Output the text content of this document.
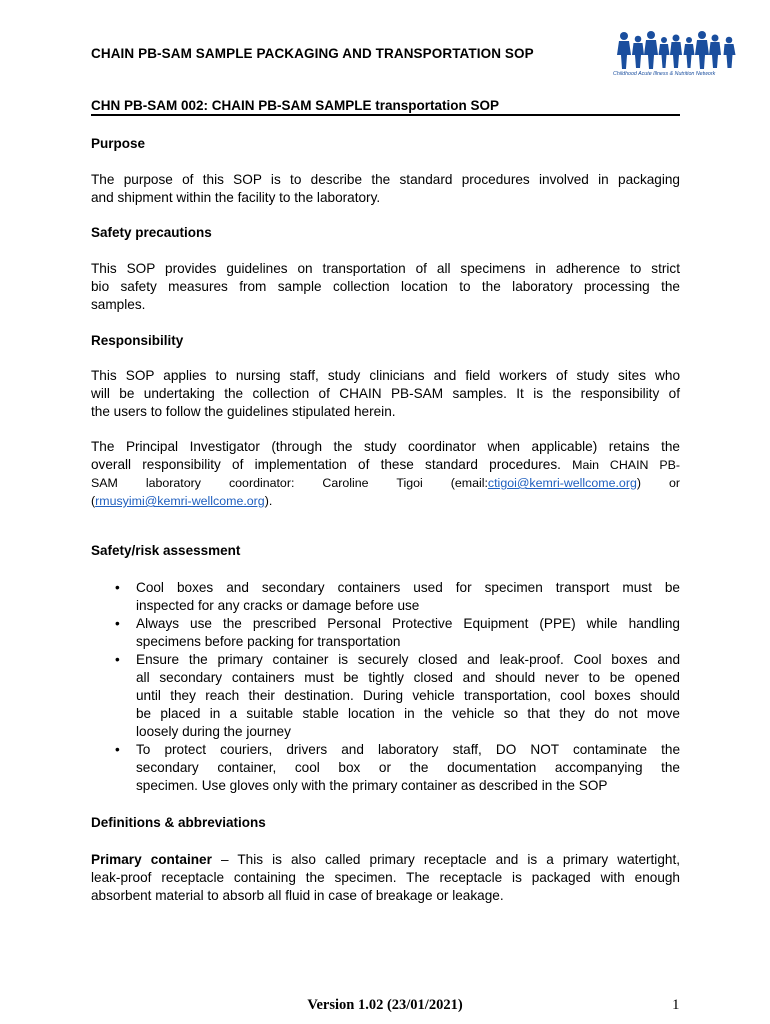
CHAIN PB-SAM SAMPLE PACKAGING AND TRANSPORTATION SOP
Childhood Acute Illness & Nutrition Network
CHN PB-SAM 002: CHAIN PB-SAM SAMPLE transportation SOP
Purpose
The purpose of this SOP is to describe the standard procedures involved in packaging
and shipment within the facility to the laboratory.
Safety precautions
This SOP provides guidelines on transportation of all specimens in adherence to strict
bio safety measures from sample collection location to the laboratory processing the
samples.
Responsibility
This SOP applies to nursing staff, study clinicians and field workers of study sites who
will be undertaking the collection of CHAIN PB-SAM samples. It is the responsibility of
the users to follow the guidelines stipulated herein.
The Principal Investigator (through the study coordinator when applicable) retains the
overall responsibility of implementation of these standard procedures. Main CHAIN PB-
SAM laboratory coordinator: Caroline Tigoi (email:ctigoi@kemri-wellcome.org) or
(rmusyimi@kemri-wellcome.org).
Safety/risk assessment
• Cool boxes and secondary containers used for specimen transport must be
inspected for any cracks or damage before use
• Always use the prescribed Personal Protective Equipment (PPE) while handling
specimens before packing for transportation
• Ensure the primary container is securely closed and leak-proof. Cool boxes and
all secondary containers must be tightly closed and should never to be opened
until they reach their destination. During vehicle transportation, cool boxes should
be placed in a suitable stable location in the vehicle so that they do not move
loosely during the journey
• To protect couriers, drivers and laboratory staff, DO NOT contaminate the
secondary container, cool box or the documentation accompanying the
specimen. Use gloves only with the primary container as described in the SOP
Definitions & abbreviations
Primary container – This is also called primary receptacle and is a primary watertight,
leak-proof receptacle containing the specimen. The receptacle is packaged with enough
absorbent material to absorb all fluid in case of breakage or leakage.
Version 1.02 (23/01/2021)	1
